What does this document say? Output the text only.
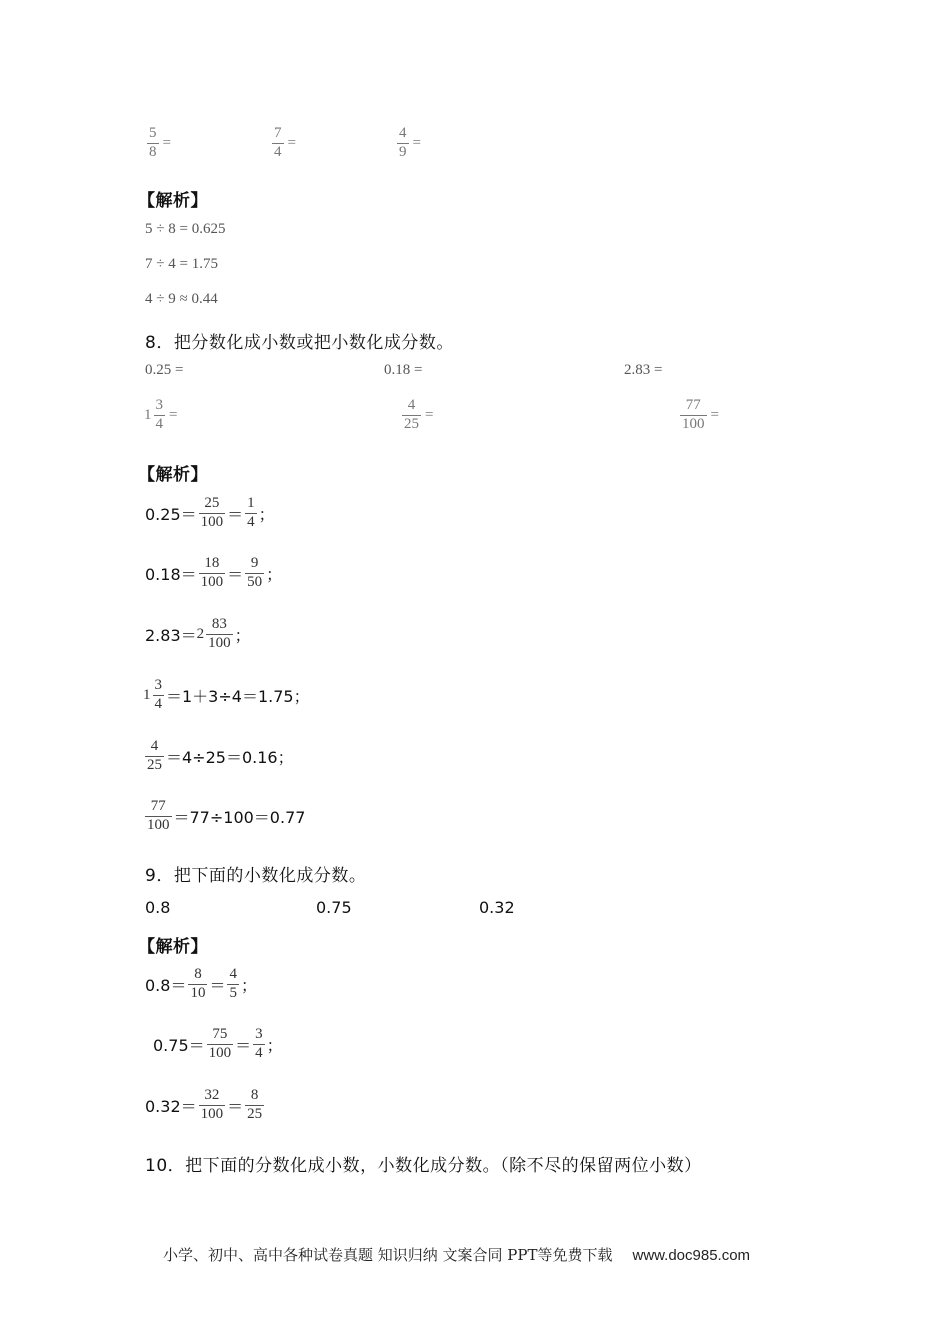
$\frac{5}{8}$ =	$\frac{7}{4}$ =	$\frac{4}{9}$ =
【解析】
5 ÷ 8 = 0.625
7 ÷ 4 = 1.75
4 ÷ 9 ≈ 0.44
8．把分数化成小数或把小数化成分数。
0.25 =	0.18 =	2.83 =
$1 \frac{3}{4}$ =	$\frac{4}{25}$ =	$\frac{77}{100}$ =
【解析】
$0.25= \frac{25}{100} = \frac{1}{4}$ ；
$0.18= \frac{18}{100} = \frac{9}{50}$ ；
$2.83=2 \frac{83}{100}$ ；
$1 \frac{3}{4} =1+3\div 4=1.75$；
$\frac{4}{25} =4\div 25=0.16$；
$\frac{77}{100} =77\div 100=0.77$
9．把下面的小数化成分数。
0.8	0.75	0.32
【解析】
$0.8= \frac{8}{10} = \frac{4}{5}$ ；
$0.75= \frac{75}{100} = \frac{3}{4}$ ；
$0.32= \frac{32}{100} = \frac{8}{25}$
10．把下面的分数化成小数，小数化成分数。（除不尽的保留两位小数）
小学、初中、高中各种试卷真题 知识归纳 文案合同 PPT等免费下载 www.doc985.com
